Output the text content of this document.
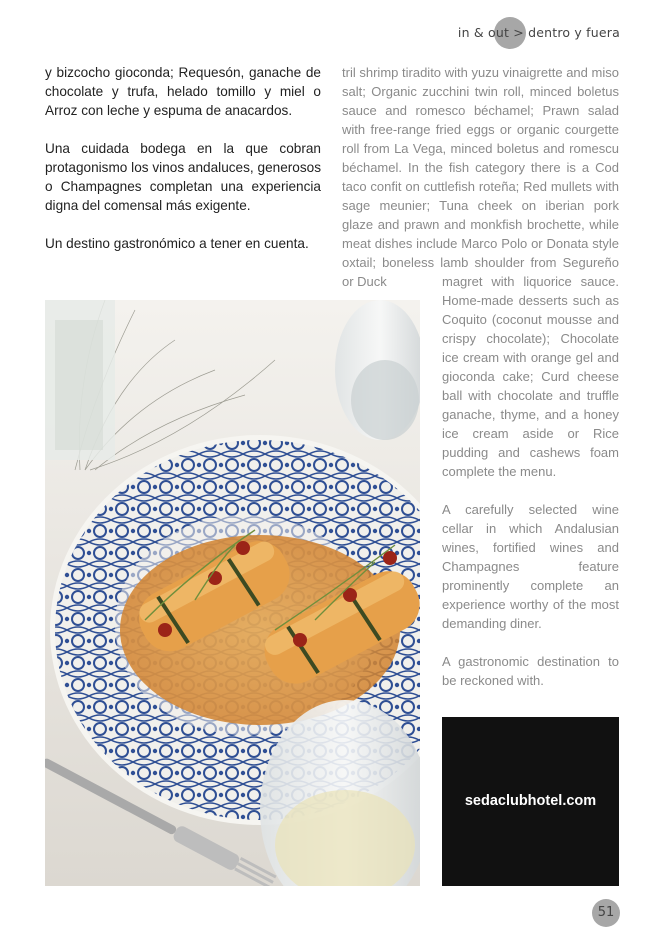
in & out > dentro y fuera

y bizcocho gioconda; Requesón, ganache de chocolate y trufa, helado tomillo y miel o Arroz con leche y espuma de anacardos.

Una cuidada bodega en la que cobran protagonismo los vinos andaluces, generosos o Champagnes completan una experiencia digna del comensal más exigente.

Un destino gastronómico a tener en cuenta.

tril shrimp tiradito with yuzu vinaigrette and miso salt; Organic zucchini twin roll, minced boletus sauce and romesco béchamel; Prawn salad with free-range fried eggs or organic courgette roll from La Vega, minced boletus and romescu béchamel. In the fish category there is a Cod taco confit on cuttlefish roteña; Red mullets with sage meunier; Tuna cheek on iberian pork glaze and prawn and monkfish brochette, while meat dishes include Marco Polo or Donata style oxtail; boneless lamb shoulder from Segureño or Duck	magret with liquorice sauce. Home-made desserts such as Coquito (coconut mousse and crispy chocolate); Chocolate ice cream with orange gel and gioconda cake; Curd cheese ball with chocolate and truffle ganache, thyme, and a honey ice cream aside or Rice pudding and cashews foam complete the menu.

A carefully selected wine cellar in which Andalusian wines, fortified wines and Champagnes feature prominently complete an experience worthy of the most demanding diner.

A gastronomic destination to be reckoned with.

sedaclubhotel.com
51
